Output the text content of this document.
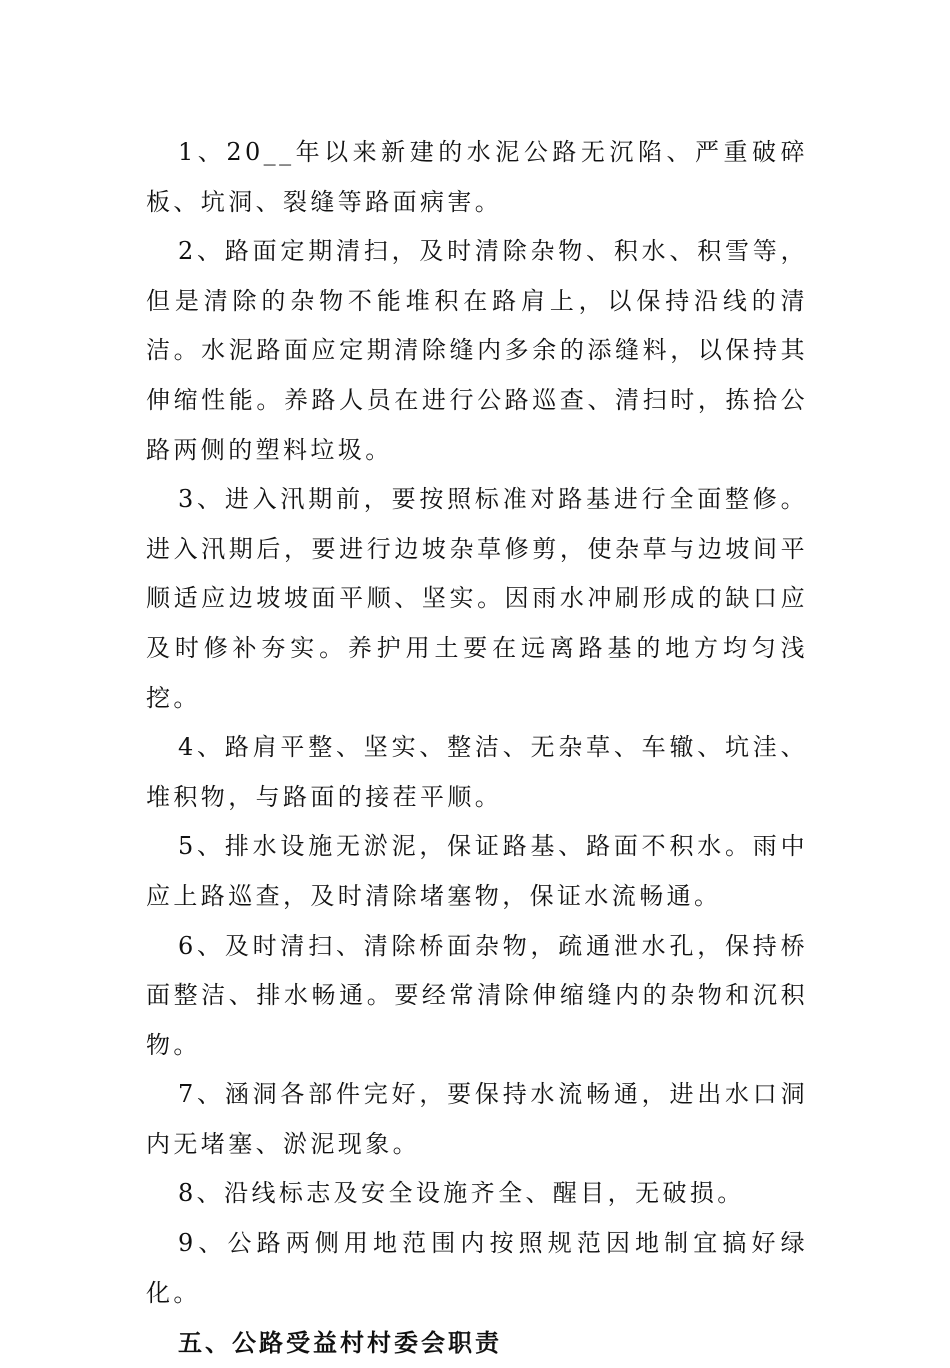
1、20__年以来新建的水泥公路无沉陷、严重破碎板、坑洞、裂缝等路面病害。

2、路面定期清扫，及时清除杂物、积水、积雪等，但是清除的杂物不能堆积在路肩上，以保持沿线的清洁。水泥路面应定期清除缝内多余的添缝料，以保持其伸缩性能。养路人员在进行公路巡查、清扫时，拣拾公路两侧的塑料垃圾。

3、进入汛期前，要按照标准对路基进行全面整修。进入汛期后，要进行边坡杂草修剪，使杂草与边坡间平顺适应边坡坡面平顺、坚实。因雨水冲刷形成的缺口应及时修补夯实。养护用土要在远离路基的地方均匀浅挖。

4、路肩平整、坚实、整洁、无杂草、车辙、坑洼、堆积物，与路面的接茬平顺。

5、排水设施无淤泥，保证路基、路面不积水。雨中应上路巡查，及时清除堵塞物，保证水流畅通。

6、及时清扫、清除桥面杂物，疏通泄水孔，保持桥面整洁、排水畅通。要经常清除伸缩缝内的杂物和沉积物。

7、涵洞各部件完好，要保持水流畅通，进出水口洞内无堵塞、淤泥现象。

8、沿线标志及安全设施齐全、醒目，无破损。

9、公路两侧用地范围内按照规范因地制宜搞好绿化。

五、公路受益村村委会职责
